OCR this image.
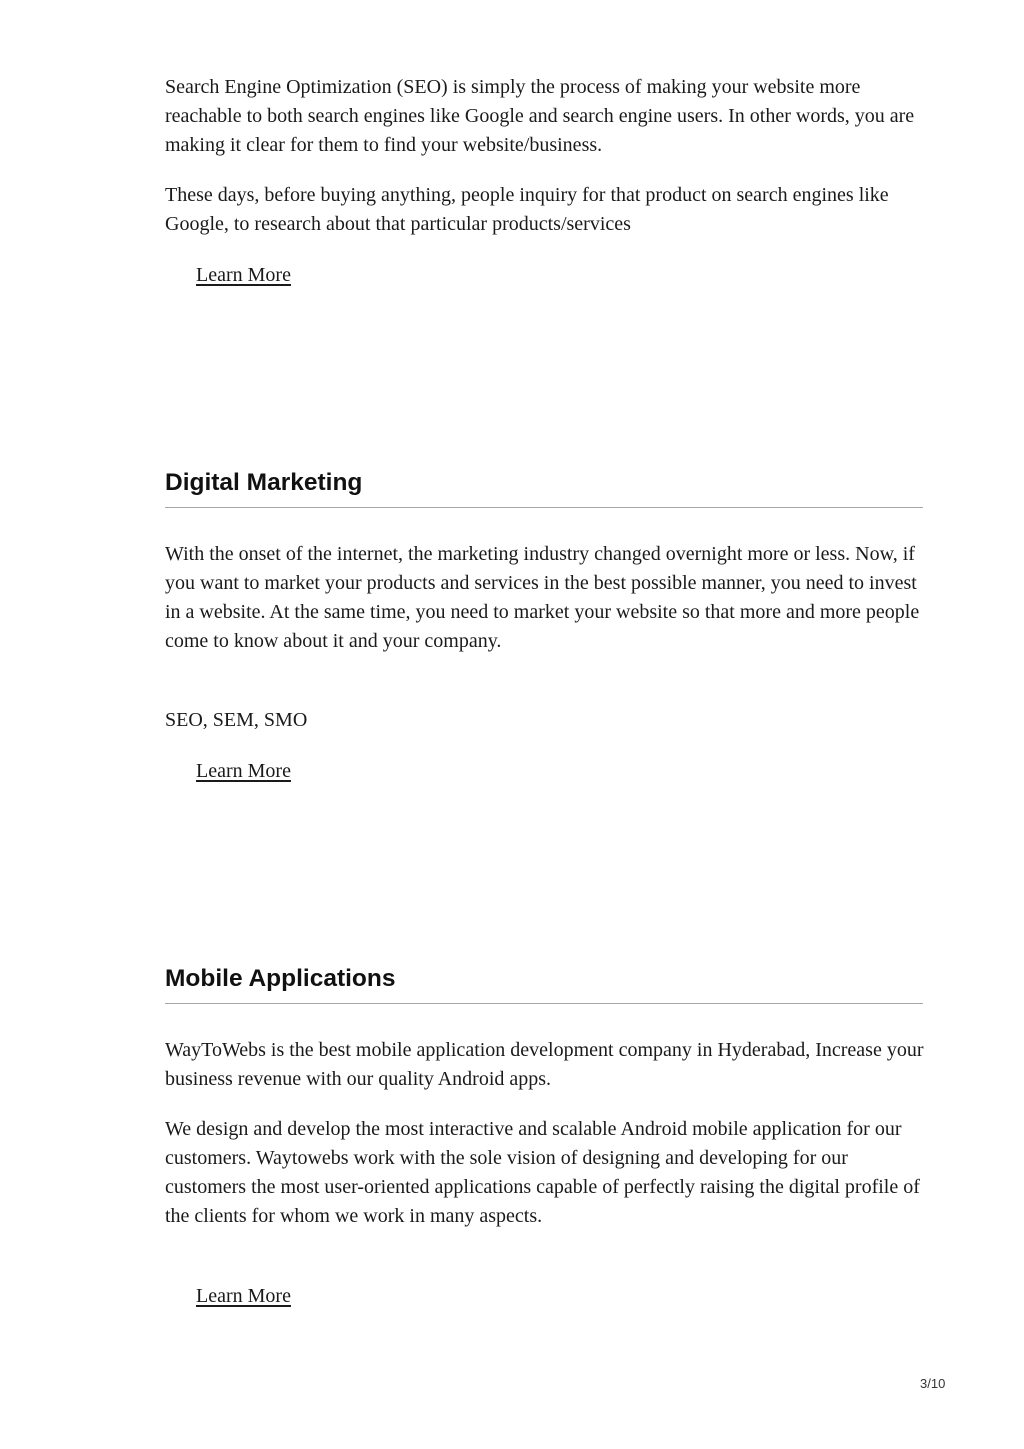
Search Engine Optimization (SEO) is simply the process of making your website more reachable to both search engines like Google and search engine users. In other words, you are making it clear for them to find your website/business.

These days, before buying anything, people inquiry for that product on search engines like Google, to research about that particular products/services

Learn More
Digital Marketing

With the onset of the internet, the marketing industry changed overnight more or less. Now, if you want to market your products and services in the best possible manner, you need to invest in a website. At the same time, you need to market your website so that more and more people come to know about it and your company.

SEO, SEM, SMO

Learn More
Mobile Applications

WayToWebs is the best mobile application development company in Hyderabad, Increase your business revenue with our quality Android apps.

We design and develop the most interactive and scalable Android mobile application for our customers. Waytowebs work with the sole vision of designing and developing for our customers the most user-oriented applications capable of perfectly raising the digital profile of the clients for whom we work in many aspects.

Learn More
3/10
